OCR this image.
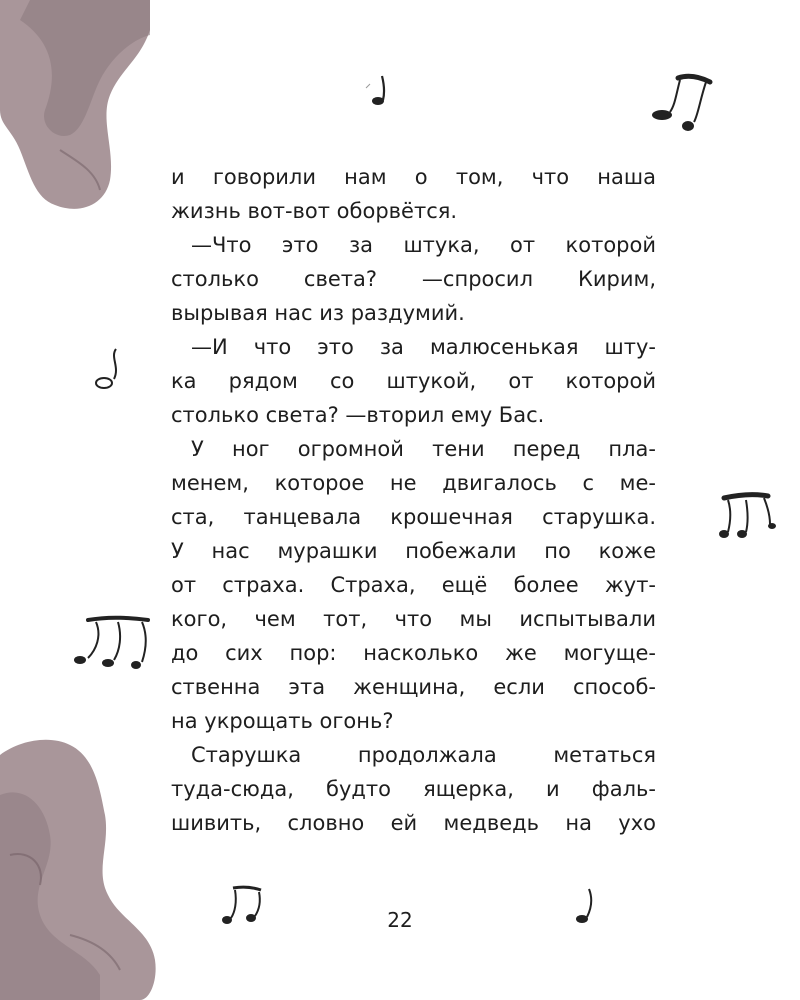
и говорили нам о том, что наша
жизнь вот-вот оборвётся.
—Что это за штука, от которой
столько света? —спросил Кирим,
вырывая нас из раздумий.
—И что это за малюсенькая шту-
ка рядом со штукой, от которой
столько света? —вторил ему Бас.
У ног огромной тени перед пла-
менем, которое не двигалось с ме-
ста, танцевала крошечная старушка.
У нас мурашки побежали по коже
от страха. Страха, ещё более жут-
кого, чем тот, что мы испытывали
до сих пор: насколько же могуще-
ственна эта женщина, если способ-
на укрощать огонь?
Старушка продолжала метаться
туда-сюда, будто ящерка, и фаль-
шивить, словно ей медведь на ухо
22
